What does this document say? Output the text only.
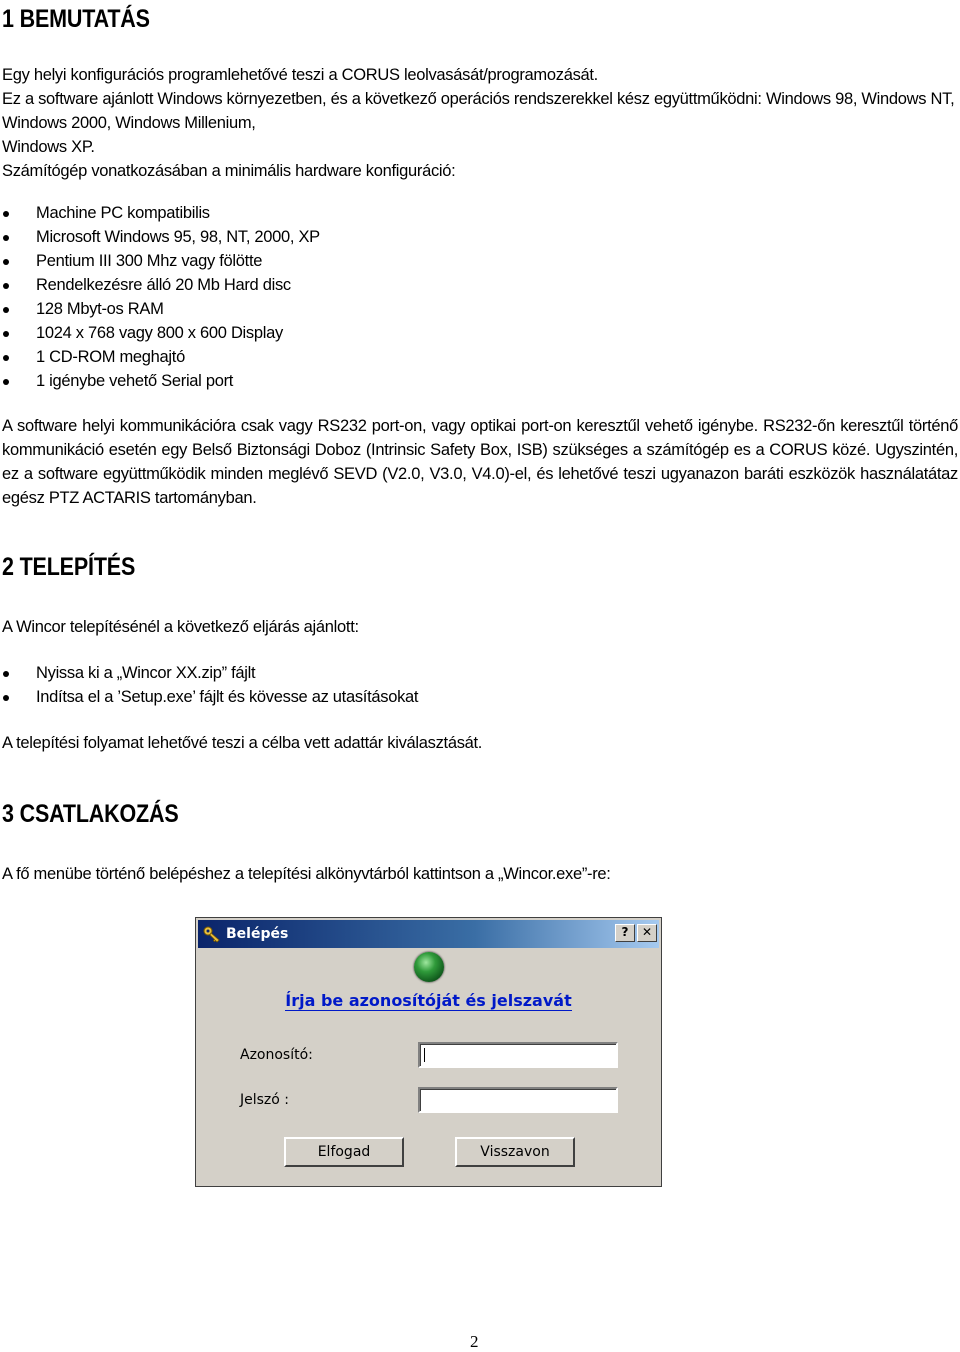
1 BEMUTATÁS

Egy helyi konfigurációs programlehetővé teszi a CORUS leolvasását/programozását.

Ez a software ajánlott Windows környezetben, és a következő operációs rendszerekkel kész együttműködni: Windows 98, Windows NT, Windows 2000, Windows Millenium,

Windows XP.

Számítógép vonatkozásában a minimális hardware konfiguráció:

Machine PC kompatibilis
Microsoft Windows 95, 98, NT, 2000, XP
Pentium III 300 Mhz vagy fölötte
Rendelkezésre álló 20 Mb Hard disc
128 Mbyt-os RAM
1024 x 768 vagy 800 x 600 Display
1 CD-ROM meghajtó
1 igénybe vehető Serial port

A software helyi kommunikációra csak vagy RS232 port-on, vagy optikai port-on keresztűl vehető igénybe. RS232-őn keresztűl történő kommunikáció esetén egy Belső Biztonsági Doboz (Intrinsic Safety Box, ISB) szükséges a számítógép es a CORUS közé. Ugyszintén, ez a software együttműködik minden meglévő SEVD (V2.0, V3.0, V4.0)-el, és lehetővé teszi ugyanazon baráti eszközök használatátaz egész PTZ ACTARIS tartományban.

2 TELEPÍTÉS

A Wincor telepítésénél a következő eljárás ajánlott:

Nyissa ki a „Wincor XX.zip” fájlt
Indítsa el a ’Setup.exe’ fájlt és kövesse az utasításokat

A telepítési folyamat lehetővé teszi a célba vett adattár kiválasztását.

3 CSATLAKOZÁS

A fő menübe történő belépéshez a telepítési alkönyvtárból kattintson a „Wincor.exe”-re:

Belépés	?	✕
Írja be azonosítóját és jelszavát
Azonosító:
Jelszó :
Elfogad	Visszavon
2
